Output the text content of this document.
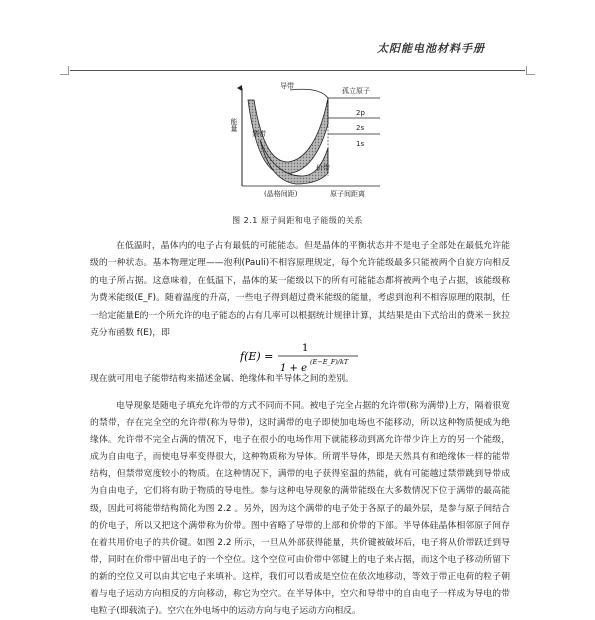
太阳能电池材料手册
能量
导带
禁带
价带
孤立原子
2p
2s
1s
(晶格间距)	原子间距离
图 2.1 原子间距和电子能级的关系

在低温时，晶体内的电子占有最低的可能能态。但是晶体的平衡状态并不是电子全部处在最低允许能级的一种状态。基本物理定理——泡利(Pauli)不相容原理规定，每个允许能级最多只能被两个自旋方向相反的电子所占据。这意味着，在低温下，晶体的某一能级以下的所有可能能态都将被两个电子占据，该能级称为费米能级(E_F)。随着温度的升高，一些电子得到超过费米能级的能量，考虑到泡利不相容原理的限制，任一给定能量E的一个所允许的电子能态的占有几率可以根据统计规律计算，其结果是由下式给出的费米－狄拉克分布函数 f(E)，即

f(E) =
1
1 + e
(E−E_F)/kT

现在就可用电子能带结构来描述金属、绝缘体和半导体之间的差别。

电导现象是随电子填充允许带的方式不同而不同。被电子完全占据的允许带(称为满带)上方，隔着很宽的禁带，存在完全空的允许带(称为导带)，这时满带的电子即使加电场也不能移动，所以这种物质便成为绝缘体。允许带不完全占满的情况下，电子在很小的电场作用下就能移动到离允许带少许上方的另一个能级，成为自由电子，而使电导率变得很大，这种物质称为导体。所谓半导体，即是天然具有和绝缘体一样的能带结构，但禁带宽度较小的物质。在这种情况下，满带的电子获得室温的热能，就有可能越过禁带跳到导带成为自由电子，它们将有助于物质的导电性。参与这种电导现象的满带能级在大多数情况下位于满带的最高能级，因此可将能带结构简化为图 2.2 。另外，因为这个满带的电子处于各原子的最外层，是参与原子间结合的价电子，所以又把这个满带称为价带。图中省略了导带的上部和价带的下部。半导体硅晶体相邻原子间存在着共用价电子的共价键。如图 2.2 所示，一旦从外部获得能量，共价键被破坏后，电子将从价带跃迁到导带，同时在价带中留出电子的一个空位。这个空位可由价带中邻键上的电子来占据，而这个电子移动所留下的新的空位又可以由其它电子来填补。这样，我们可以看成是空位在依次地移动，等效于带正电荷的粒子朝着与电子运动方向相反的方向移动，称它为空穴。在半导体中，空穴和导带中的自由电子一样成为导电的带电粒子(即载流子)。空穴在外电场中的运动方向与电子运动方向相反。
